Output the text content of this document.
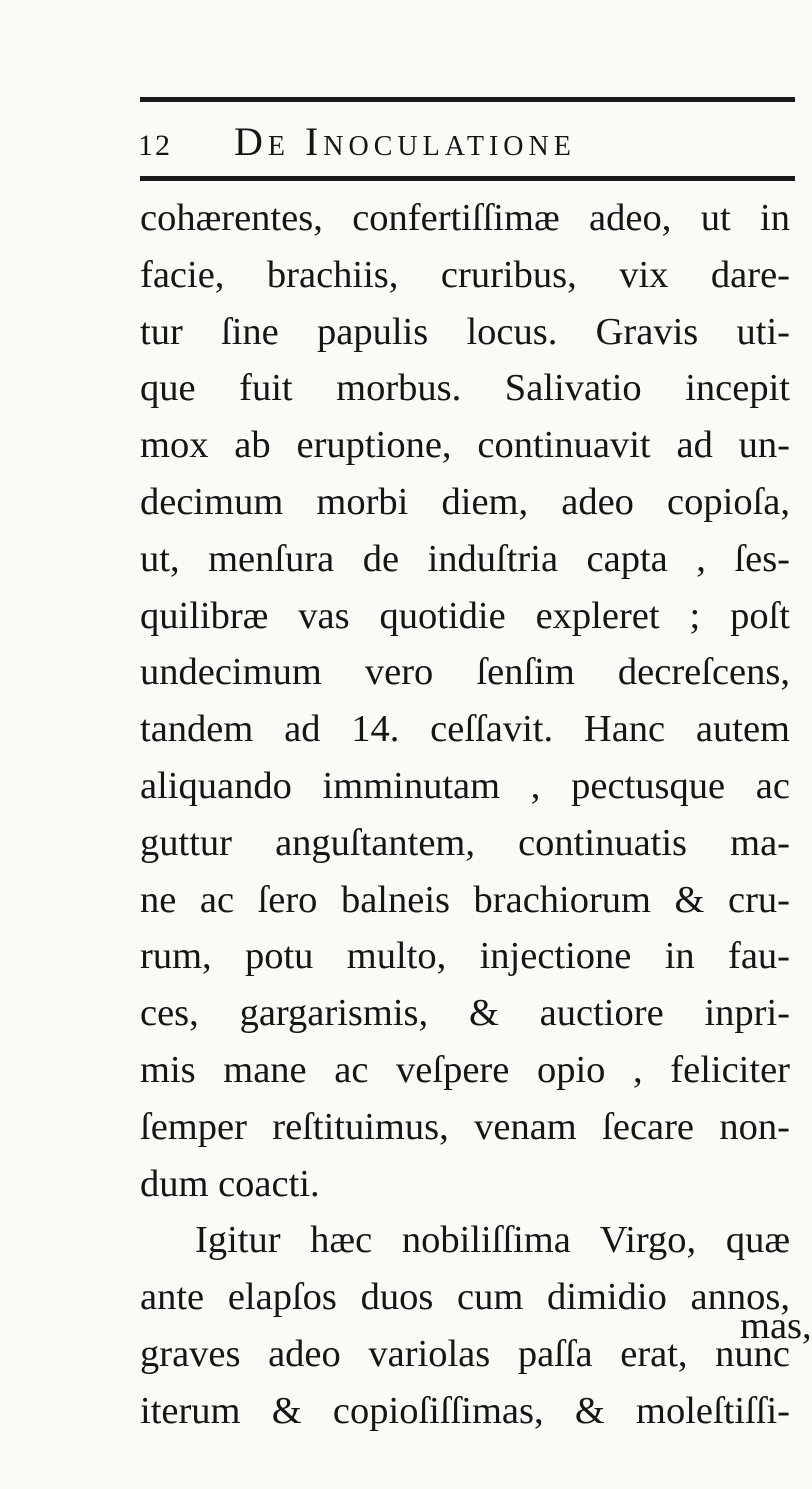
12 De Inoculatione
cohærentes, confertiſſimæ adeo, ut in
facie, brachiis, cruribus, vix dare-
tur ſine papulis locus. Gravis uti-
que fuit morbus. Salivatio incepit
mox ab eruptione, continuavit ad un-
decimum morbi diem, adeo copioſa,
ut, menſura de induſtria capta , ſes-
quilibræ vas quotidie expleret ; poſt
undecimum vero ſenſim decreſcens,
tandem ad 14. ceſſavit. Hanc autem
aliquando imminutam , pectusque ac
guttur anguſtantem, continuatis ma-
ne ac ſero balneis brachiorum & cru-
rum, potu multo, injectione in fau-
ces, gargarismis, & auctiore inpri-
mis mane ac veſpere opio , feliciter
ſemper reſtituimus, venam ſecare non-
dum coacti.
Igitur hæc nobiliſſima Virgo, quæ
ante elapſos duos cum dimidio annos,
graves adeo variolas paſſa erat, nunc
iterum & copioſiſſimas, & moleſtiſſi-
mas,
